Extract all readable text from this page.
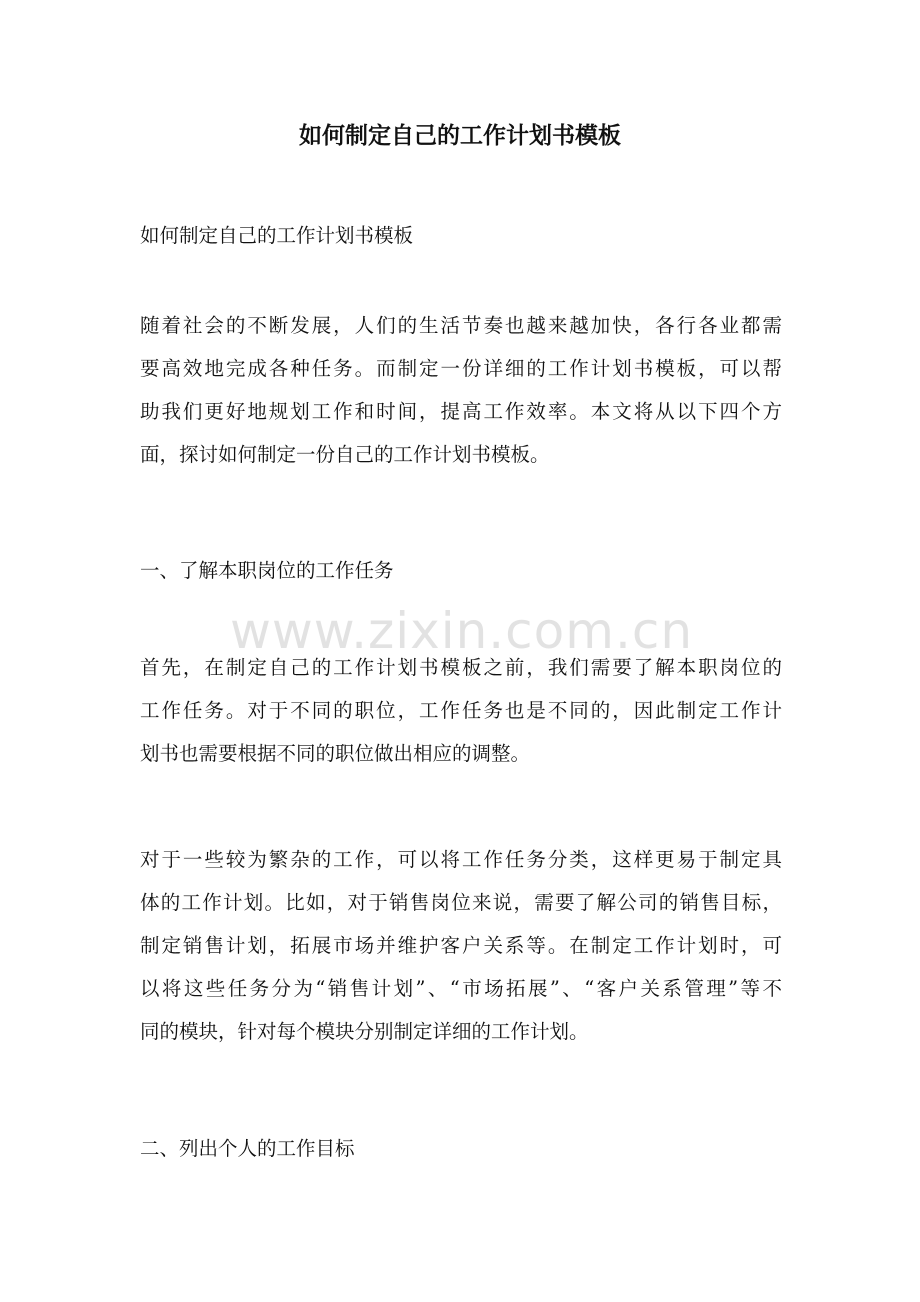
如何制定自己的工作计划书模板

如何制定自己的工作计划书模板

随着社会的不断发展，人们的生活节奏也越来越加快，各行各业都需
要高效地完成各种任务。而制定一份详细的工作计划书模板，可以帮
助我们更好地规划工作和时间，提高工作效率。本文将从以下四个方
面，探讨如何制定一份自己的工作计划书模板。

一、了解本职岗位的工作任务

www.zixin.com.cn

首先，在制定自己的工作计划书模板之前，我们需要了解本职岗位的
工作任务。对于不同的职位，工作任务也是不同的，因此制定工作计
划书也需要根据不同的职位做出相应的调整。

对于一些较为繁杂的工作，可以将工作任务分类，这样更易于制定具
体的工作计划。比如，对于销售岗位来说，需要了解公司的销售目标，
制定销售计划，拓展市场并维护客户关系等。在制定工作计划时，可
以将这些任务分为“销售计划”、“市场拓展”、“客户关系管理”等不
同的模块，针对每个模块分别制定详细的工作计划。

二、列出个人的工作目标
